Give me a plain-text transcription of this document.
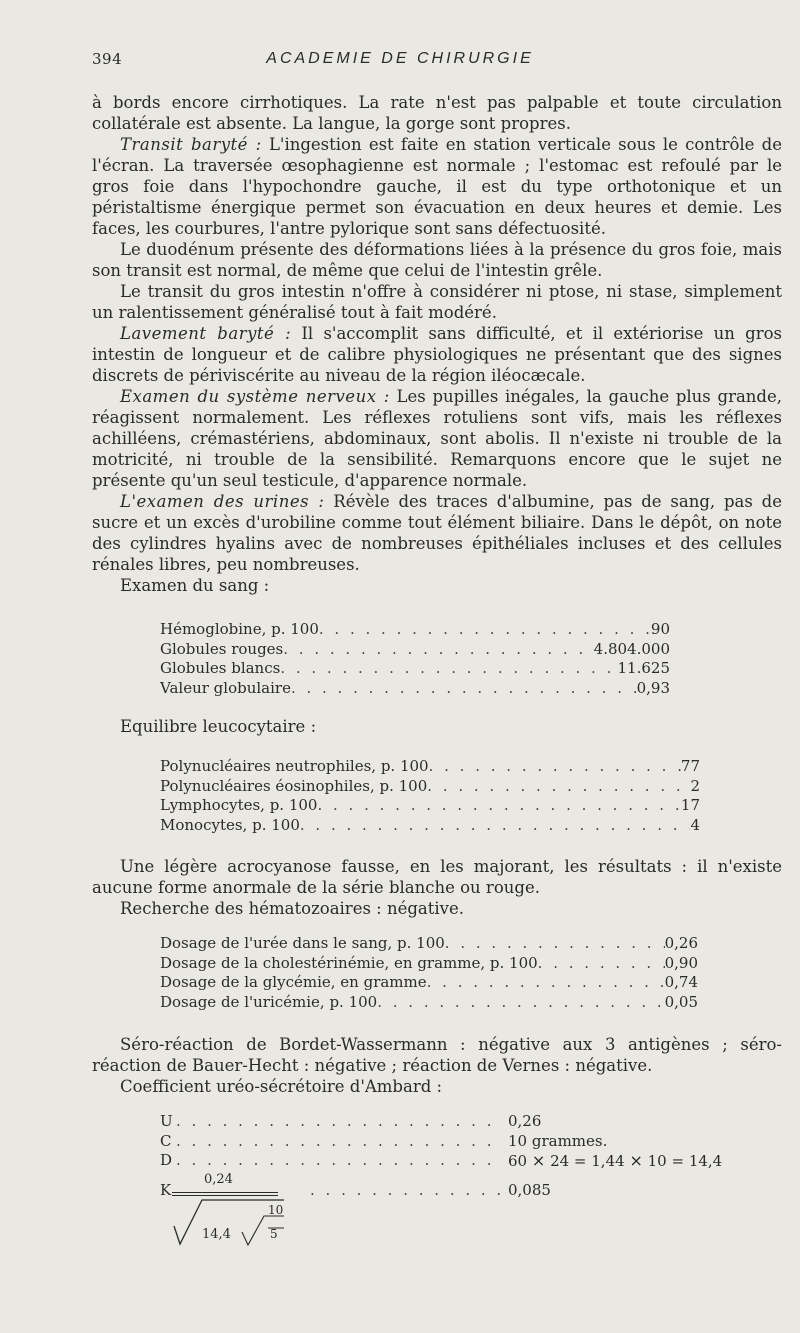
394	ACADEMIE DE CHIRURGIE

à bords encore cirrhotiques. La rate n'est pas palpable et toute circulation collatérale est absente. La langue, la gorge sont propres.

Transit baryté : L'ingestion est faite en station verticale sous le contrôle de l'écran. La traversée œsophagienne est normale ; l'estomac est refoulé par le gros foie dans l'hypochondre gauche, il est du type orthotonique et un péristaltisme énergique permet son évacuation en deux heures et demie. Les faces, les courbures, l'antre pylorique sont sans défectuosité.

Le duodénum présente des déformations liées à la présence du gros foie, mais son transit est normal, de même que celui de l'intestin grêle.

Le transit du gros intestin n'offre à considérer ni ptose, ni stase, simplement un ralentissement généralisé tout à fait modéré.

Lavement baryté : Il s'accomplit sans difficulté, et il extériorise un gros intestin de longueur et de calibre physiologiques ne présentant que des signes discrets de périviscérite au niveau de la région iléocæcale.

Examen du système nerveux : Les pupilles inégales, la gauche plus grande, réagissent normalement. Les réflexes rotuliens sont vifs, mais les réflexes achilléens, crémastériens, abdominaux, sont abolis. Il n'existe ni trouble de la motricité, ni trouble de la sensibilité. Remarquons encore que le sujet ne présente qu'un seul testicule, d'apparence normale.

L'examen des urines : Révèle des traces d'albumine, pas de sang, pas de sucre et un excès d'urobiline comme tout élément biliaire. Dans le dépôt, on note des cylindres hyalins avec de nombreuses épithéliales incluses et des cellules rénales libres, peu nombreuses.

Examen du sang :

Hémoglobine, p. 100 . . .	90
Globules rouges . . .	4.804.000
Globules blancs . . .	11.625
Valeur globulaire . . .	0,93
Equilibre leucocytaire :
Polynucléaires neutrophiles, p. 100 . . .	77
Polynucléaires éosinophiles, p. 100 . . .	2
Lymphocytes, p. 100 . . .	17
Monocytes, p. 100 . . .	4

Une légère acrocyanose fausse, en les majorant, les résultats : il n'existe aucune forme anormale de la série blanche ou rouge.

Recherche des hématozoaires : négative.

Dosage de l'urée dans le sang, p. 100 . . .	0,26
Dosage de la cholestérinémie, en gramme, p. 100 . . .	0,90
Dosage de la glycémie, en gramme . . .	0,74
Dosage de l'uricémie, p. 100 . . .	0,05

Séro-réaction de Bordet-Wassermann : négative aux 3 antigènes ; séro-réaction de Bauer-Hecht : négative ; réaction de Vernes : négative.

Coefficient uréo-sécrétoire d'Ambard :

U . . .	0,26
C . . .	10 grammes.
D . . .	60 × 24 = 1,44 × 10 = 14,4
K . . .	0,085
0,24
14,4
10
5
